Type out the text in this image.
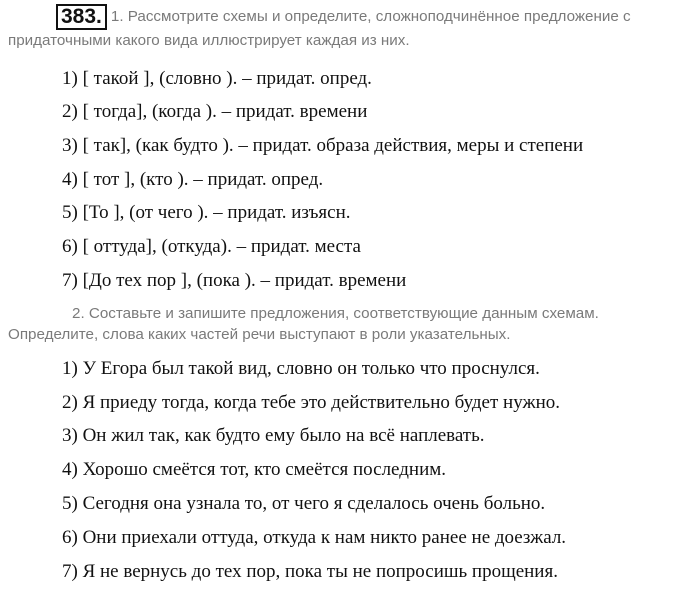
383. 1. Рассмотрите схемы и определите, сложноподчинённое предложение с
придаточными какого вида иллюстрирует каждая из них.
1) [ такой ], (словно ). – придат. опред.
2) [ тогда], (когда ). – придат. времени
3) [ так], (как будто ). – придат. образа действия, меры и степени
4) [ тот ], (кто ). – придат. опред.
5) [То ], (от чего ). – придат. изъясн.
6) [ оттуда], (откуда). – придат. места
7) [До тех пор ], (пока ). – придат. времени
2. Составьте и запишите предложения, соответствующие данным схемам.
Определите, слова каких частей речи выступают в роли указательных.
1) У Егора был такой вид, словно он только что проснулся.
2) Я приеду тогда, когда тебе это действительно будет нужно.
3) Он жил так, как будто ему было на всё наплевать.
4) Хорошо смеётся тот, кто смеётся последним.
5) Сегодня она узнала то, от чего я сделалось очень больно.
6) Они приехали оттуда, откуда к нам никто ранее не доезжал.
7) Я не вернусь до тех пор, пока ты не попросишь прощения.
